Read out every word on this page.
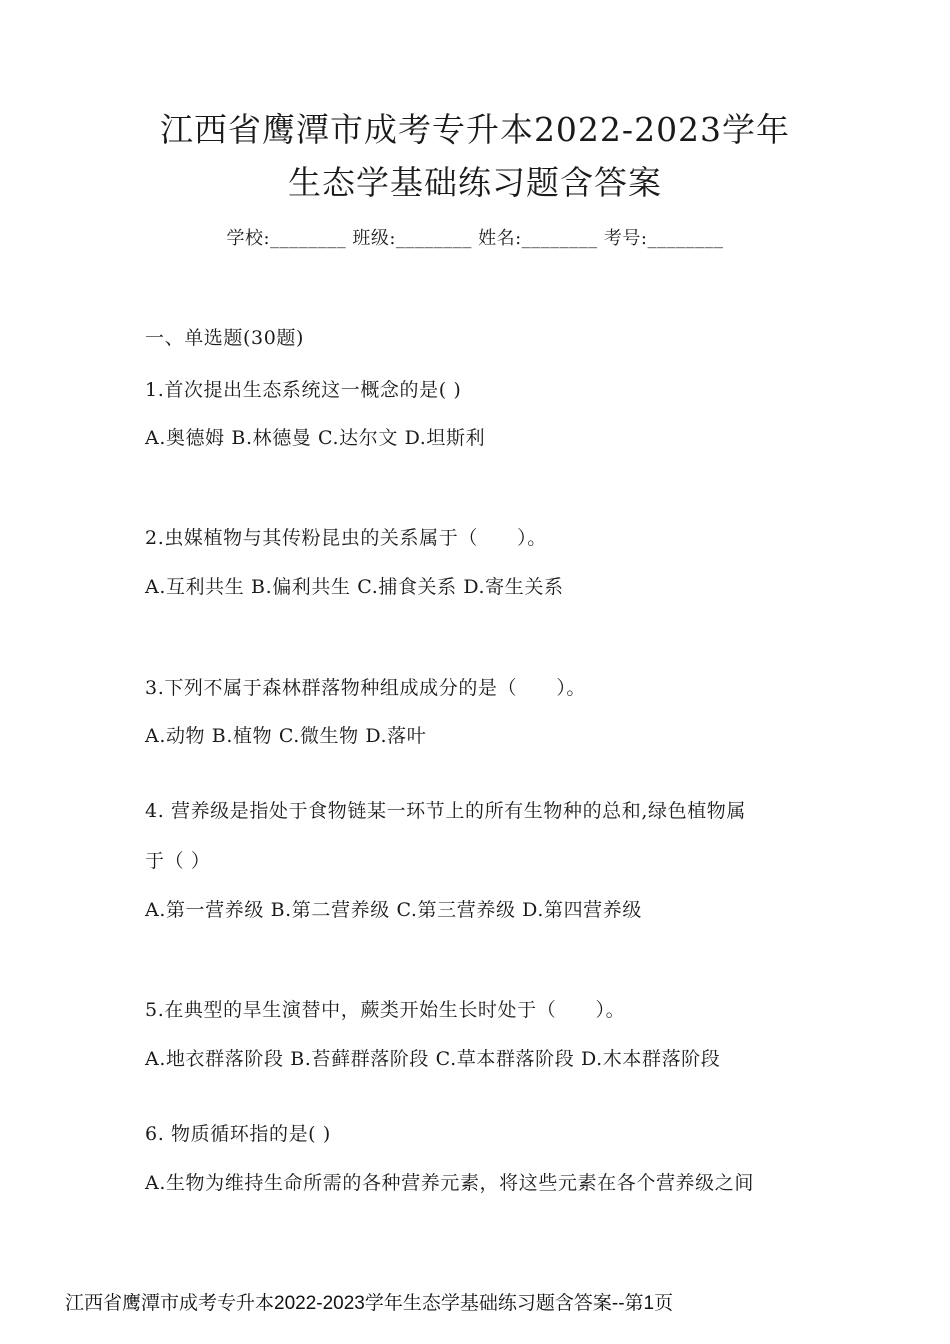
江西省鹰潭市成考专升本2022-2023学年
生态学基础练习题含答案
学校:________ 班级:________ 姓名:________ 考号:________
一、单选题(30题)
1.首次提出生态系统这一概念的是( )
A.奥德姆 B.林德曼 C.达尔文 D.坦斯利
2.虫媒植物与其传粉昆虫的关系属于（　　）。
A.互利共生 B.偏利共生 C.捕食关系 D.寄生关系
3.下列不属于森林群落物种组成成分的是（　　）。
A.动物 B.植物 C.微生物 D.落叶
4. 营养级是指处于食物链某一环节上的所有生物种的总和,绿色植物属
于（ ）
A.第一营养级 B.第二营养级 C.第三营养级 D.第四营养级
5.在典型的旱生演替中，蕨类开始生长时处于（　　）。
A.地衣群落阶段 B.苔藓群落阶段 C.草本群落阶段 D.木本群落阶段
6. 物质循环指的是( )
A.生物为维持生命所需的各种营养元素，将这些元素在各个营养级之间
江西省鹰潭市成考专升本2022-2023学年生态学基础练习题含答案--第1页
